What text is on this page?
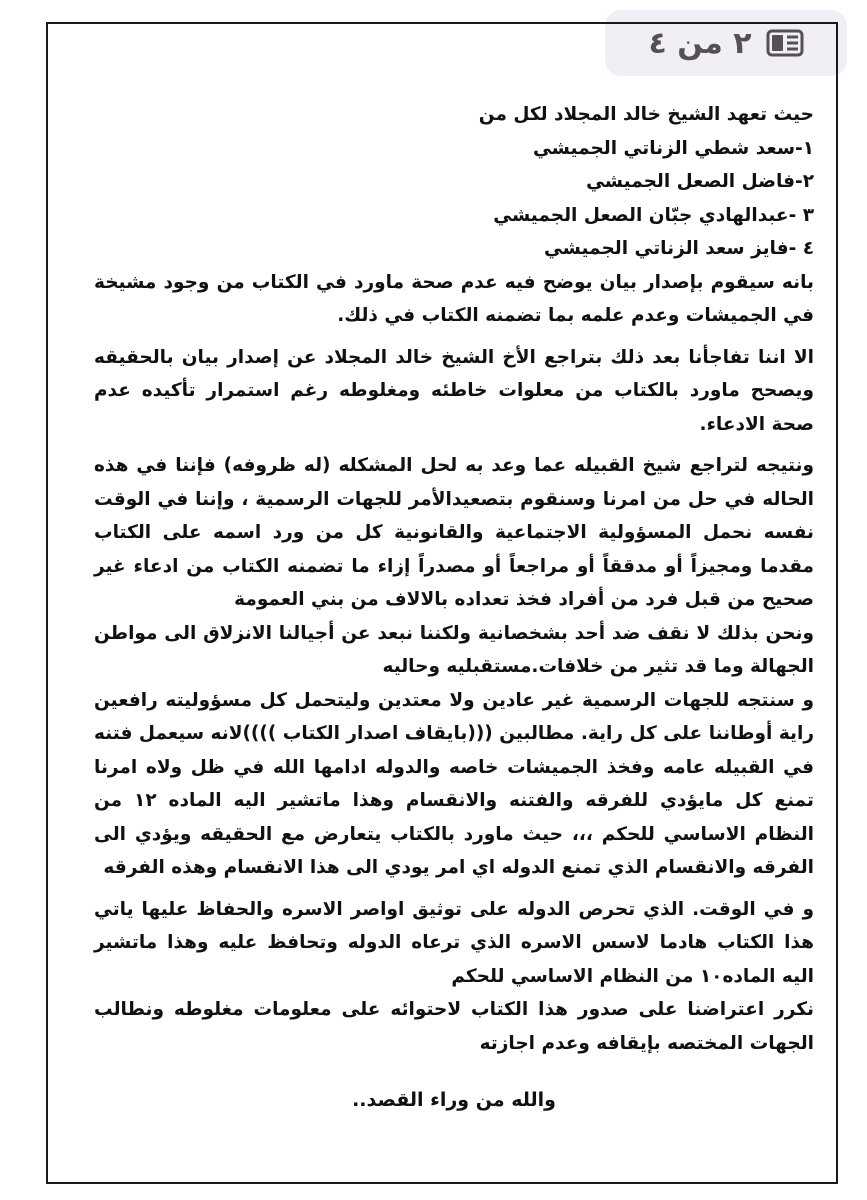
٢ من ٤

حيث تعهد الشيخ خالد المجلاد لكل من

١-سعد شطي الزناتي الجميشي

٢-فاضل الصعل الجميشي

٣ -عبدالهادي جبّان الصعل الجميشي

٤ -فايز سعد الزناتي الجميشي

بانه سيقوم بإصدار بيان يوضح فيه عدم صحة ماورد في الكتاب من وجود مشيخة في الجميشات وعدم علمه بما تضمنه الكتاب في ذلك.

الا اننا تفاجأنا بعد ذلك بتراجع الأخ الشيخ خالد المجلاد عن إصدار بيان بالحقيقه ويصحح ماورد بالكتاب من معلوات خاطئه ومغلوطه رغم استمرار تأكيده عدم صحة الادعاء.

ونتيجه لتراجع شيخ القبيله عما وعد به لحل المشكله (له ظروفه) فإننا في هذه الحاله في حل من امرنا وسنقوم بتصعيدالأمر للجهات الرسمية ، وإننا في الوقت نفسه نحمل المسؤولية الاجتماعية والقانونية كل من ورد اسمه على الكتاب مقدما ومجيزاً أو مدققاً أو مراجعاً أو مصدراً إزاء ما تضمنه الكتاب من ادعاء غير صحيح من قبل فرد من أفراد فخذ تعداده بالالاف من بني العمومة

ونحن بذلك لا نقف ضد أحد بشخصانية ولكننا نبعد عن أجيالنا الانزلاق الى مواطن الجهالة وما قد تثير من خلافات.مستقبليه وحاليه

و سنتجه للجهات الرسمية غير عادين ولا معتدين وليتحمل كل مسؤوليته رافعين راية أوطاننا على كل راية. مطالبين (((بايقاف اصدار الكتاب ))))لانه سيعمل فتنه في القبيله عامه وفخذ الجميشات خاصه والدوله ادامها الله في ظل ولاه امرنا تمنع كل مايؤدي للفرقه والفتنه والانقسام وهذا ماتشير اليه الماده ١٢ من النظام الاساسي للحكم ،،، حيث ماورد بالكتاب يتعارض مع الحقيقه ويؤدي الى الفرقه والانقسام الذي تمنع الدوله اي امر يودي الى هذا الانقسام وهذه الفرقه

و في الوقت. الذي تحرص الدوله على توثيق اواصر الاسره والحفاظ عليها ياتي هذا الكتاب هادما لاسس الاسره الذي ترعاه الدوله وتحافظ عليه وهذا ماتشير اليه الماده١٠ من النظام الاساسي للحكم

نكرر اعتراضنا على صدور هذا الكتاب لاحتوائه على معلومات مغلوطه ونطالب الجهات المختصه بإيقافه وعدم اجازته

والله من وراء القصد..
